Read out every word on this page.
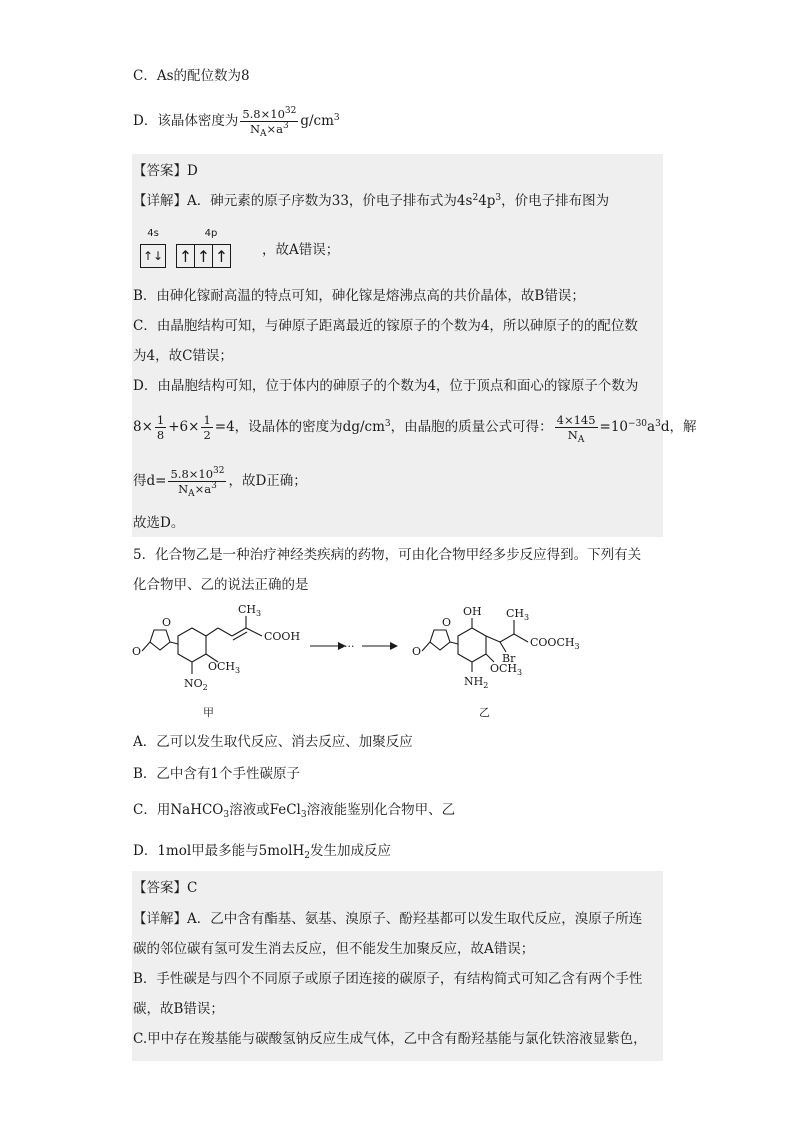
C．As的配位数为8
D．该晶体密度为 $\frac{5.8\times 10^{32}}{N_A\times a^3} g/cm^3$
【答案】D
【详解】A．砷元素的原子序数为33，价电子排布式为$4s^24p^3$，价电子排布图为
4s
↑↓
4p
↑ ↑ ↑	，故A错误；
B．由砷化镓耐高温的特点可知，砷化镓是熔沸点高的共价晶体，故B错误；
C．由晶胞结构可知，与砷原子距离最近的镓原子的个数为4，所以砷原子的的配位数
为4，故C错误；
D．由晶胞结构可知，位于体内的砷原子的个数为4，位于顶点和面心的镓原子个数为
$8\times \frac{1}{8} +6\times \frac{1}{2} =4$，设晶体的密度为$dg/cm^3$，由晶胞的质量公式可得： $\frac{4\times 145}{N_A} =10^{-30}a^3d$，解
得$d= \frac{5.8\times 10^{32}}{N_A\times a^3}$ ，故D正确；
故选D。
5．化合物乙是一种治疗神经类疾病的药物，可由化合物甲经多步反应得到。下列有关
化合物甲、乙的说法正确的是
O
O
$CH_3$
COOH
$OCH_3$
$NO_2$
···	O
O
OH $CH_3$
$COOCH_3$
Br
$OCH_3$
$NH_2$
甲	乙
A．乙可以发生取代反应、消去反应、加聚反应
B．乙中含有1个手性碳原子
C．用NaHCO$_3$溶液或FeCl$_3$溶液能鉴别化合物甲、乙
D．1mol甲最多能与5molH$_2$发生加成反应
【答案】C
【详解】A．乙中含有酯基、氨基、溴原子、酚羟基都可以发生取代反应，溴原子所连
碳的邻位碳有氢可发生消去反应，但不能发生加聚反应，故A错误；
B．手性碳是与四个不同原子或原子团连接的碳原子，有结构简式可知乙含有两个手性
碳，故B错误；
C.甲中存在羧基能与碳酸氢钠反应生成气体，乙中含有酚羟基能与氯化铁溶液显紫色，
